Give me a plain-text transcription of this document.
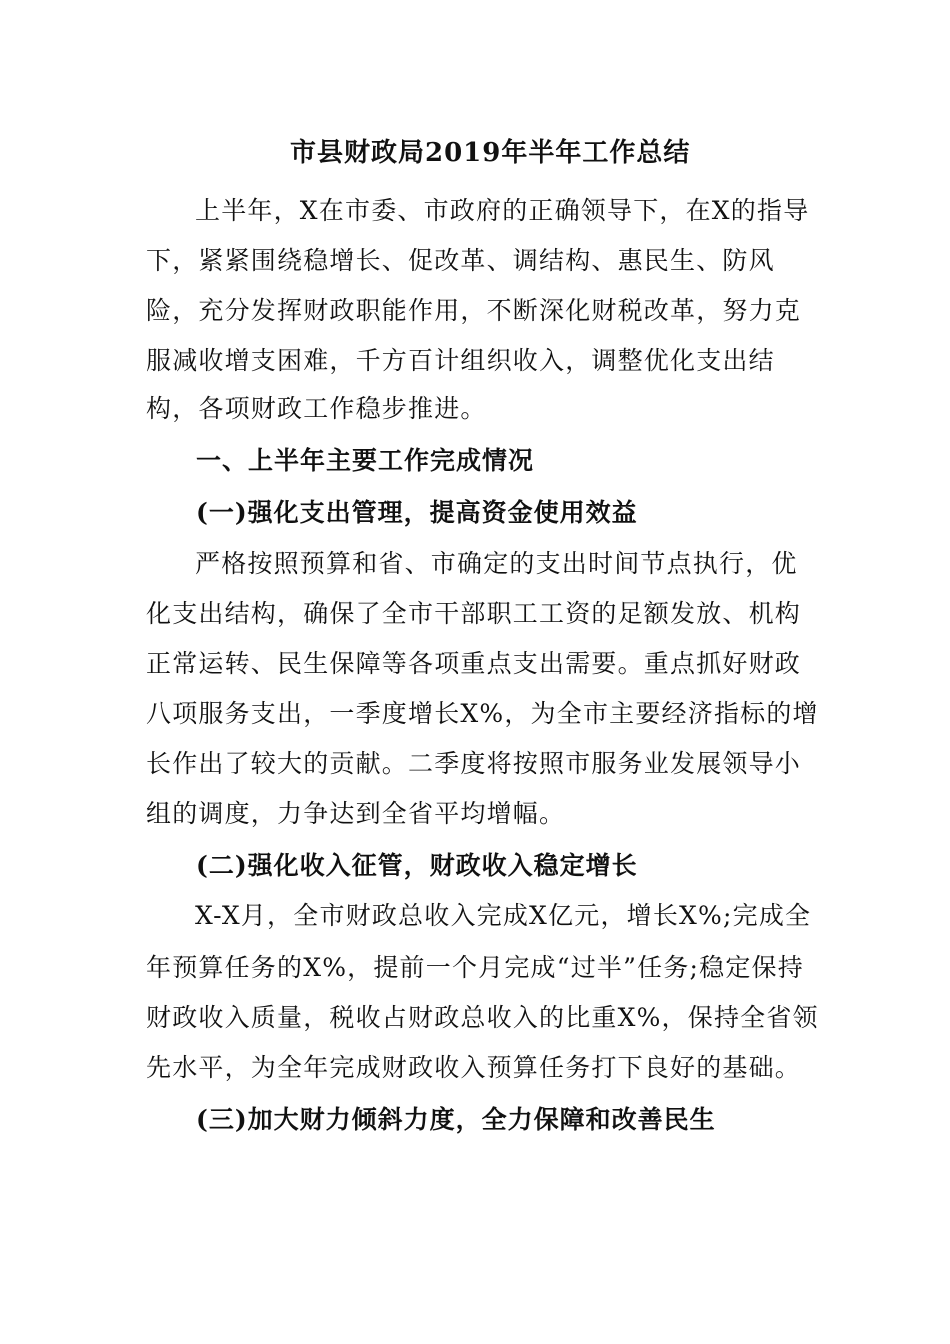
市县财政局2019年半年工作总结
上半年，X在市委、市政府的正确领导下，在X的指导
下，紧紧围绕稳增长、促改革、调结构、惠民生、防风
险，充分发挥财政职能作用，不断深化财税改革，努力克
服减收增支困难，千方百计组织收入，调整优化支出结
构，各项财政工作稳步推进。
一、上半年主要工作完成情况
(一)强化支出管理，提高资金使用效益
严格按照预算和省、市确定的支出时间节点执行，优
化支出结构，确保了全市干部职工工资的足额发放、机构
正常运转、民生保障等各项重点支出需要。重点抓好财政
八项服务支出，一季度增长X%，为全市主要经济指标的增
长作出了较大的贡献。二季度将按照市服务业发展领导小
组的调度，力争达到全省平均增幅。
(二)强化收入征管，财政收入稳定增长
X-X月，全市财政总收入完成X亿元，增长X%;完成全
年预算任务的X%，提前一个月完成“过半”任务;稳定保持
财政收入质量，税收占财政总收入的比重X%，保持全省领
先水平，为全年完成财政收入预算任务打下良好的基础。
(三)加大财力倾斜力度，全力保障和改善民生
